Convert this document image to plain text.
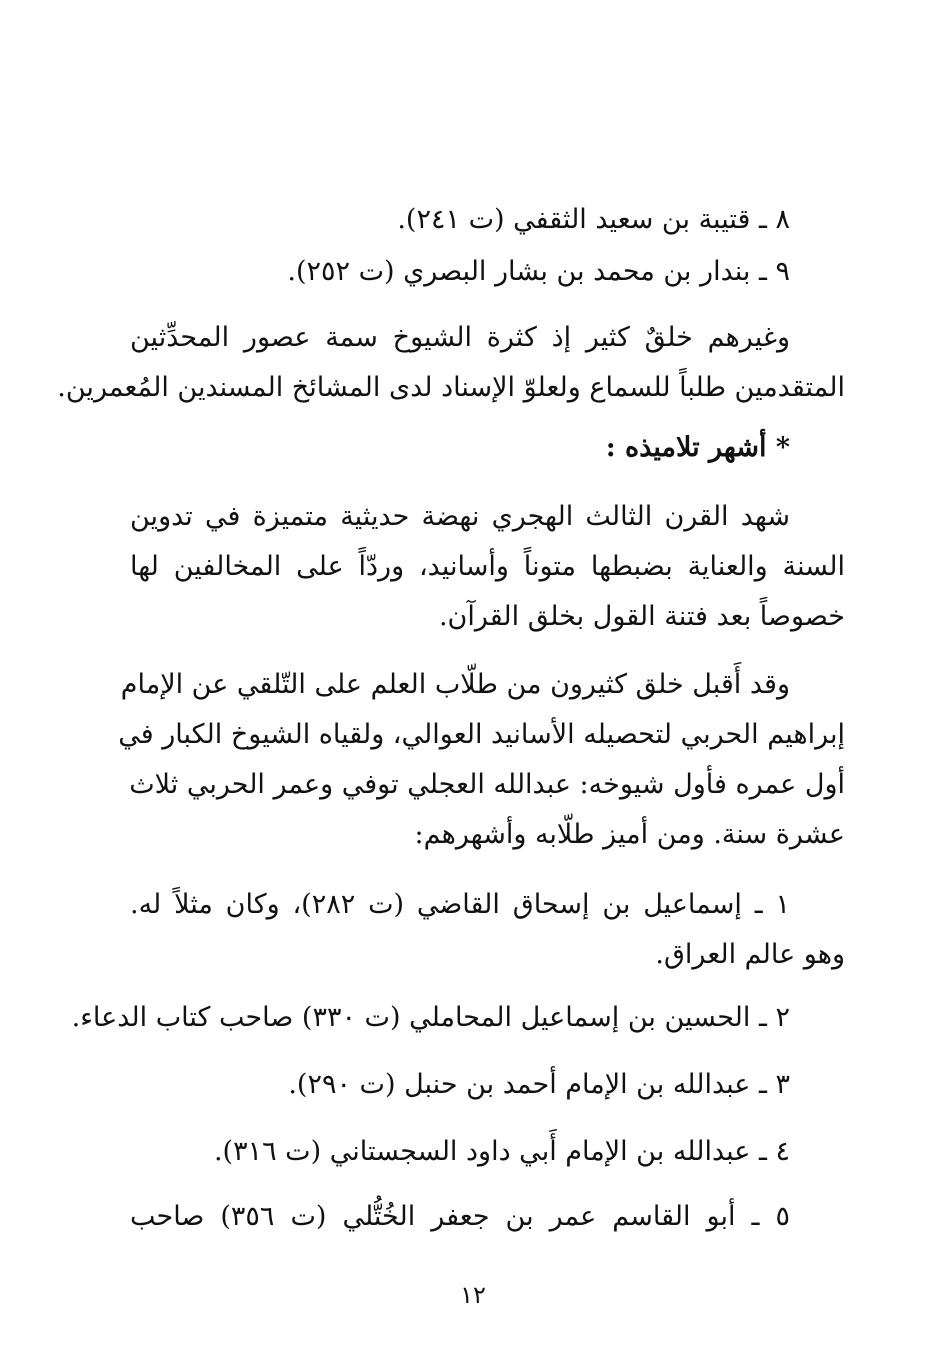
٨ ـ قتيبة بن سعيد الثقفي (ت ٢٤١).
٩ ـ بندار بن محمد بن بشار البصري (ت ٢٥٢).
وغيرهم خلقٌ كثير إذ كثرة الشيوخ سمة عصور المحدِّثين
المتقدمين طلباً للسماع ولعلوّ الإسناد لدى المشائخ المسندين المُعمرين.
* أشهر تلاميذه :
شهد القرن الثالث الهجري نهضة حديثية متميزة في تدوين
السنة والعناية بضبطها متوناً وأسانيد، وردّاً على المخالفين لها
خصوصاً بعد فتنة القول بخلق القرآن.
وقد أَقبل خلق كثيرون من طلّاب العلم على التّلقي عن الإمام
إبراهيم الحربي لتحصيله الأسانيد العوالي، ولقياه الشيوخ الكبار في
أول عمره فأول شيوخه: عبدالله العجلي توفي وعمر الحربي ثلاث
عشرة سنة. ومن أميز طلّابه وأشهرهم:
١ ـ إسماعيل بن إسحاق القاضي (ت ٢٨٢)، وكان مثلاً له.
وهو عالم العراق.
٢ ـ الحسين بن إسماعيل المحاملي (ت ٣٣٠) صاحب كتاب الدعاء.
٣ ـ عبدالله بن الإمام أحمد بن حنبل (ت ٢٩٠).
٤ ـ عبدالله بن الإمام أَبي داود السجستاني (ت ٣١٦).
٥ ـ أبو القاسم عمر بن جعفر الخُتُّلي (ت ٣٥٦) صاحب
١٢
